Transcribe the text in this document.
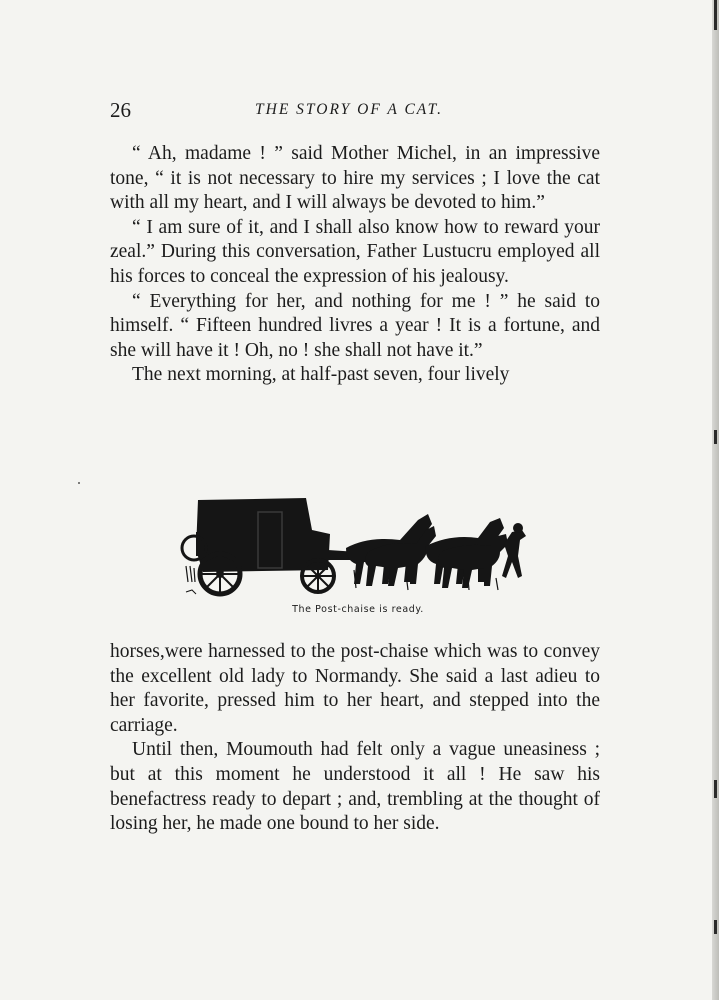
26	THE STORY OF A CAT.

“ Ah, madame ! ” said Mother Michel, in an impressive tone, “ it is not necessary to hire my services ; I love the cat with all my heart, and I will always be devoted to him.”

“ I am sure of it, and I shall also know how to reward your zeal.” During this conversation, Father Lustucru employed all his forces to conceal the expression of his jealousy.

“ Everything for her, and nothing for me ! ” he said to himself. “ Fifteen hundred livres a year ! It is a fortune, and she will have it ! Oh, no ! she shall not have it.”

The next morning, at half-past seven, four lively

The Post-chaise is ready.

horses,were harnessed to the post-chaise which was to convey the excellent old lady to Normandy. She said a last adieu to her favorite, pressed him to her heart, and stepped into the carriage.

Until then, Moumouth had felt only a vague uneasiness ; but at this moment he understood it all ! He saw his benefactress ready to depart ; and, trembling at the thought of losing her, he made one bound to her side.
